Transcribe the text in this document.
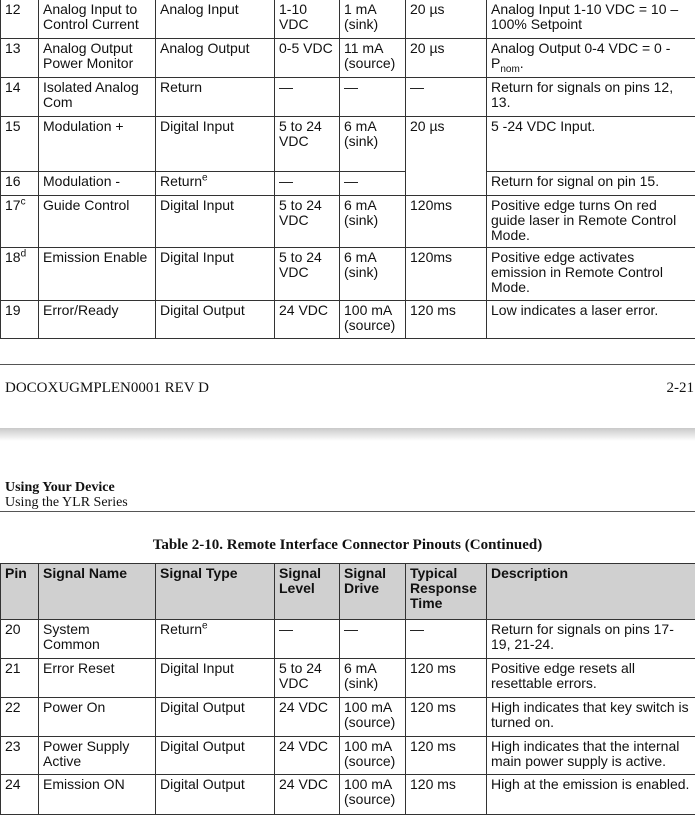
12	Analog Input to Control Current	Analog Input	1-10 VDC	1 mA (sink)	20 µs	Analog Input 1-10 VDC = 10 – 100% Setpoint
13	Analog Output Power Monitor	Analog Output	0-5 VDC	11 mA (source)	20 µs	Analog Output 0-4 VDC = $0 - P_{nom}$.
14	Isolated Analog Com	Return	—	—	—	Return for signals on pins 12, 13.
15	Modulation +	Digital Input	5 to 24 VDC	6 mA (sink)	20 µs	5 -24 VDC Input.
16	Modulation -	Return$^e$	—	—		Return for signal on pin 15.
17$^c$	Guide Control	Digital Input	5 to 24 VDC	6 mA (sink)	120ms	Positive edge turns On red guide laser in Remote Control Mode.
18$^d$	Emission Enable	Digital Input	5 to 24 VDC	6 mA (sink)	120ms	Positive edge activates emission in Remote Control Mode.
19	Error/Ready	Digital Output	24 VDC	100 mA (source)	120 ms	Low indicates a laser error.
DOCOXUGMPLEN0001 REV D	2-21
Using Your Device
Using the YLR Series
Table 2-10. Remote Interface Connector Pinouts (Continued)
Pin	Signal Name	Signal Type	Signal Level	Signal Drive	Typical Response Time	Description
20	System Common	Return$^e$	—	—	—	Return for signals on pins 17-19, 21-24.
21	Error Reset	Digital Input	5 to 24 VDC	6 mA (sink)	120 ms	Positive edge resets all resettable errors.
22	Power On	Digital Output	24 VDC	100 mA (source)	120 ms	High indicates that key switch is turned on.
23	Power Supply Active	Digital Output	24 VDC	100 mA (source)	120 ms	High indicates that the internal main power supply is active.
24	Emission ON	Digital Output	24 VDC	100 mA (source)	120 ms	High at the emission is enabled.
